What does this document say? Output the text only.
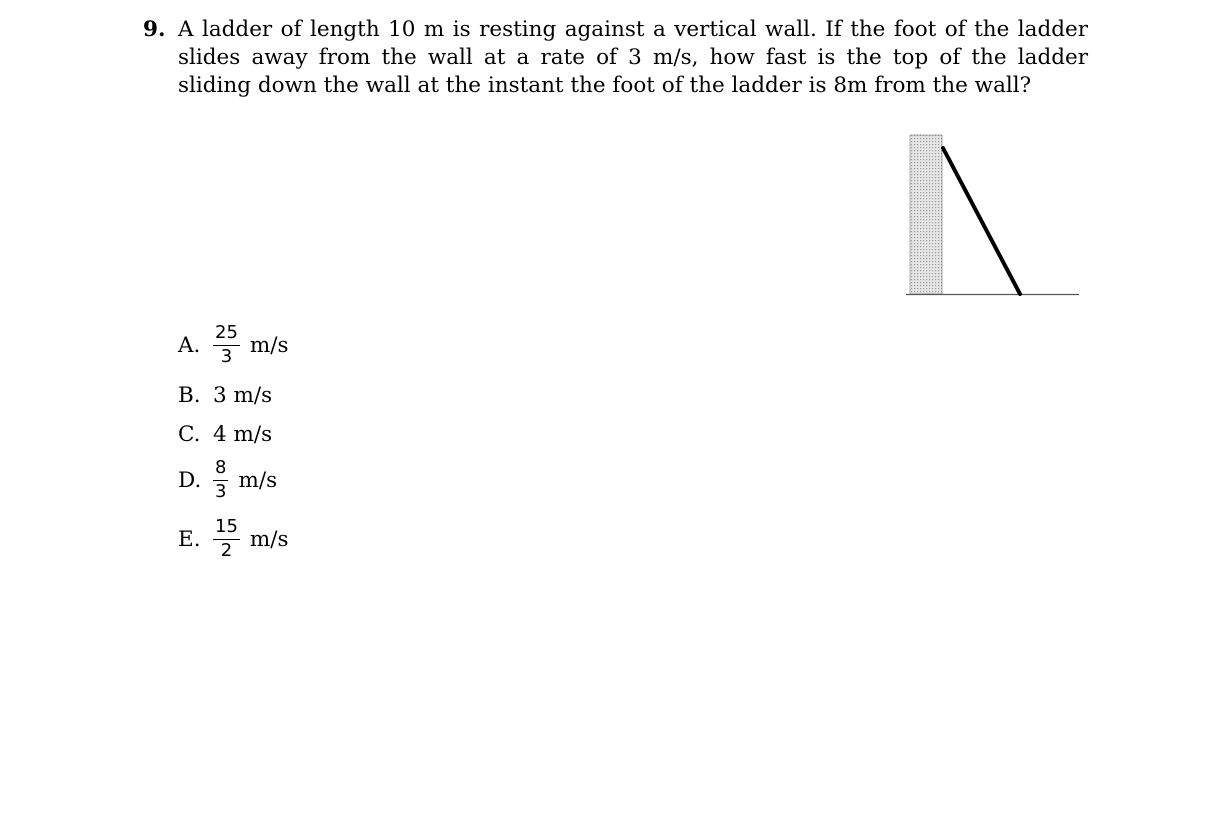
9. A ladder of length 10 m is resting against a vertical wall. If the foot of the ladder slides away from the wall at a rate of 3 m/s, how fast is the top of the ladder sliding down the wall at the instant the foot of the ladder is 8m from the wall?
A. $\frac{25}{3} m/s$
B. 3 m/s
C. 4 m/s
D. $\frac{8}{3} m/s$
E. $\frac{15}{2} m/s$
